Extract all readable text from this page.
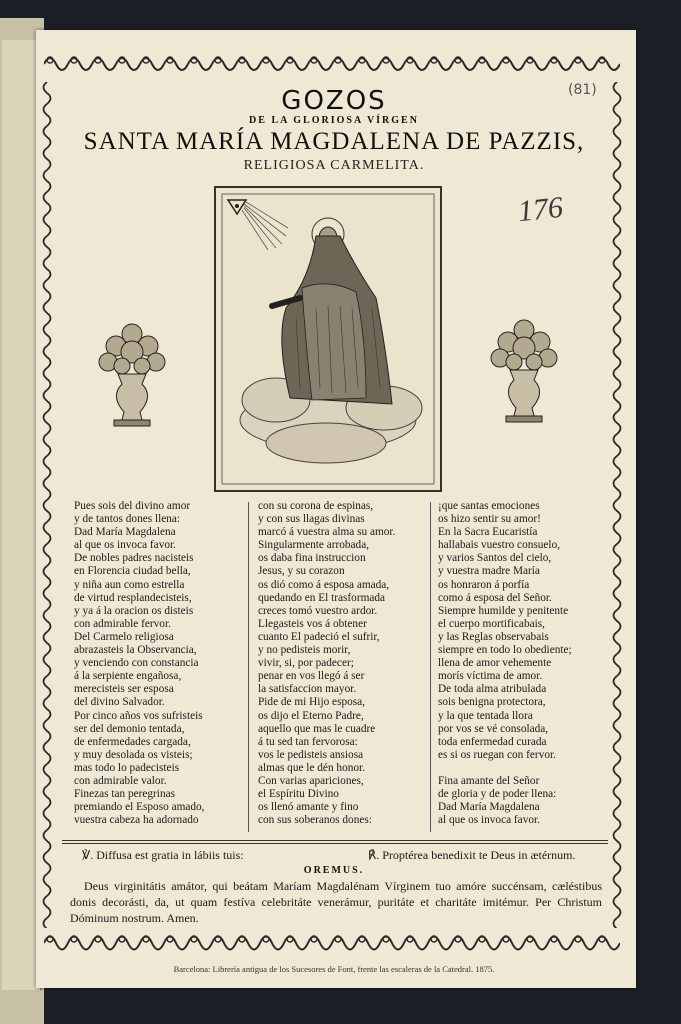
(81)
176
GOZOS
DE LA GLORIOSA VÍRGEN
SANTA MARÍA MAGDALENA DE PAZZIS,
RELIGIOSA CARMELITA.
Pues sois del divino amor
y de tantos dones llena:
Dad María Magdalena
al que os invoca favor.
De nobles padres nacisteis
en Florencia ciudad bella,
y niña aun como estrella
de virtud resplandecisteis,
y ya á la oracion os disteis
con admirable fervor.
Del Carmelo religiosa
abrazasteis la Observancia,
y venciendo con constancia
á la serpiente engañosa,
merecisteis ser esposa
del divino Salvador.
Por cinco años vos sufristeis
ser del demonio tentada,
de enfermedades cargada,
y muy desolada os visteis;
mas todo lo padecisteis
con admirable valor.
Finezas tan peregrinas
premiando el Esposo amado,
vuestra cabeza ha adornado
con su corona de espinas,
y con sus llagas divinas
marcó á vuestra alma su amor.
Singularmente arrobada,
os daba fina instruccion
Jesus, y su corazon
os dió como á esposa amada,
quedando en El trasformada
creces tomó vuestro ardor.
Llegasteis vos á obtener
cuanto El padeció el sufrir,
y no pedisteis morir,
vivir, si, por padecer;
penar en vos llegó á ser
la satisfaccion mayor.
Pide de mi Hijo esposa,
os dijo el Eterno Padre,
aquello que mas le cuadre
á tu sed tan fervorosa:
vos le pedisteis ansiosa
almas que le dén honor.
Con varias apariciones,
el Espíritu Divino
os llenó amante y fino
con sus soberanos dones:
¡que santas emociones
os hizo sentir su amor!
En la Sacra Eucaristía
hallabais vuestro consuelo,
y varios Santos del cielo,
y vuestra madre María
os honraron á porfía
como á esposa del Señor.
Siempre humilde y penitente
el cuerpo mortificabais,
y las Reglas observabais
siempre en todo lo obediente;
llena de amor vehemente
morís víctima de amor.
De toda alma atribulada
sois benigna protectora,
y la que tentada llora
por vos se vé consolada,
toda enfermedad curada
es si os ruegan con fervor.

Fina amante del Señor
de gloria y de poder llena:
Dad María Magdalena
al que os invoca favor.
℣. Diffusa est gratia in lábiis tuis:	℟. Proptérea benedixit te Deus in ætérnum.
OREMUS.
Deus virginitátis amátor, qui beátam Maríam Magdalénam Vírginem tuo amóre succénsam, cæléstibus donis decorásti, da, ut quam festíva celebritáte venerámur, puritáte et charitáte imitémur. Per Christum Dóminum nostrum. Amen.
Barcelona: Librería antigua de los Sucesores de Font, frente las escaleras de la Catedral. 1875.
